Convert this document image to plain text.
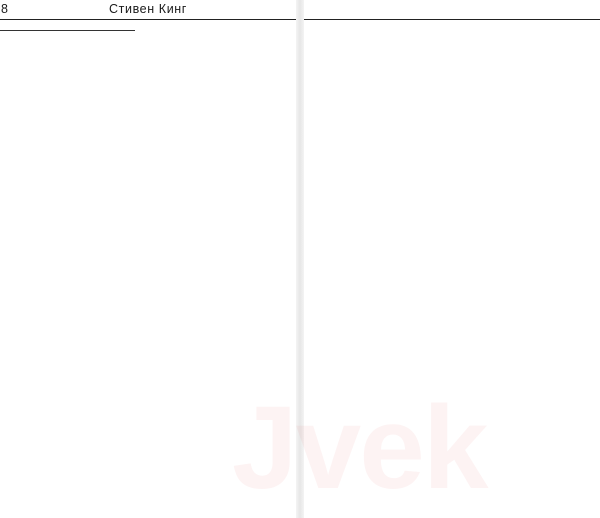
8	Стивен Кинг

Jvek
